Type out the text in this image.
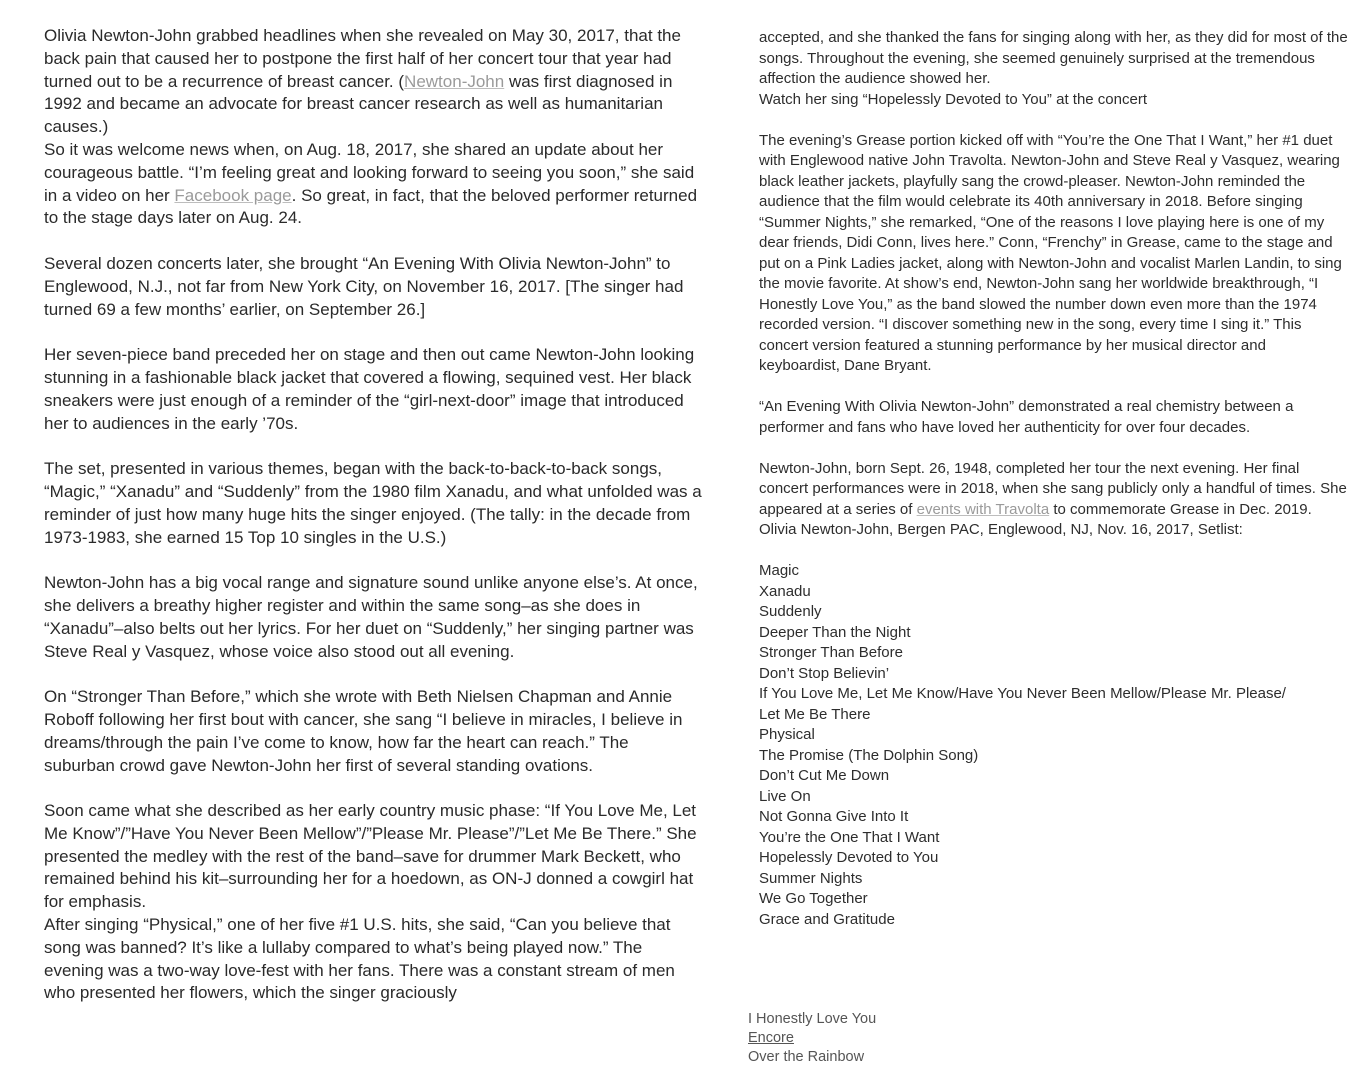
Olivia Newton-John grabbed headlines when she revealed on May 30, 2017, that the back pain that caused her to postpone the first half of her concert tour that year had turned out to be a recurrence of breast cancer. (Newton-John was first diagnosed in 1992 and became an advocate for breast cancer research as well as humanitarian causes.)

So it was welcome news when, on Aug. 18, 2017, she shared an update about her courageous battle. “I’m feeling great and looking forward to seeing you soon,” she said in a video on her Facebook page. So great, in fact, that the beloved performer returned to the stage days later on Aug. 24.

Several dozen concerts later, she brought “An Evening With Olivia Newton-John” to Englewood, N.J., not far from New York City, on November 16, 2017. [The singer had turned 69 a few months’ earlier, on September 26.]

Her seven-piece band preceded her on stage and then out came Newton-John looking stunning in a fashionable black jacket that covered a flowing, sequined vest. Her black sneakers were just enough of a reminder of the “girl-next-door” image that introduced her to audiences in the early ’70s.

The set, presented in various themes, began with the back-to-back-to-back songs, “Magic,” “Xanadu” and “Suddenly” from the 1980 film Xanadu, and what unfolded was a reminder of just how many huge hits the singer enjoyed. (The tally: in the decade from 1973-1983, she earned 15 Top 10 singles in the U.S.)

Newton-John has a big vocal range and signature sound unlike anyone else’s. At once, she delivers a breathy higher register and within the same song–as she does in “Xanadu”–also belts out her lyrics. For her duet on “Suddenly,” her singing partner was Steve Real y Vasquez, whose voice also stood out all evening.

On “Stronger Than Before,” which she wrote with Beth Nielsen Chapman and Annie Roboff following her first bout with cancer, she sang “I believe in miracles, I believe in dreams/through the pain I’ve come to know, how far the heart can reach.” The suburban crowd gave Newton-John her first of several standing ovations.

Soon came what she described as her early country music phase: “If You Love Me, Let Me Know”/”Have You Never Been Mellow”/”Please Mr. Please”/”Let Me Be There.” She presented the medley with the rest of the band–save for drummer Mark Beckett, who remained behind his kit–surrounding her for a hoedown, as ON-J donned a cowgirl hat for emphasis.

After singing “Physical,” one of her five #1 U.S. hits, she said, “Can you believe that song was banned? It’s like a lullaby compared to what’s being played now.” The evening was a two-way love-fest with her fans. There was a constant stream of men who presented her flowers, which the singer graciously

accepted, and she thanked the fans for singing along with her, as they did for most of the songs. Throughout the evening, she seemed genuinely surprised at the tremendous affection the audience showed her.

Watch her sing “Hopelessly Devoted to You” at the concert

The evening’s Grease portion kicked off with “You’re the One That I Want,” her #1 duet with Englewood native John Travolta. Newton-John and Steve Real y Vasquez, wearing black leather jackets, playfully sang the crowd-pleaser. Newton-John reminded the audience that the film would celebrate its 40th anniversary in 2018. Before singing “Summer Nights,” she remarked, “One of the reasons I love playing here is one of my dear friends, Didi Conn, lives here.” Conn, “Frenchy” in Grease, came to the stage and put on a Pink Ladies jacket, along with Newton-John and vocalist Marlen Landin, to sing the movie favorite. At show’s end, Newton-John sang her worldwide breakthrough, “I Honestly Love You,” as the band slowed the number down even more than the 1974 recorded version. “I discover something new in the song, every time I sing it.” This concert version featured a stunning performance by her musical director and keyboardist, Dane Bryant.

“An Evening With Olivia Newton-John” demonstrated a real chemistry between a performer and fans who have loved her authenticity for over four decades.

Newton-John, born Sept. 26, 1948, completed her tour the next evening. Her final concert performances were in 2018, when she sang publicly only a handful of times. She appeared at a series of events with Travolta to commemorate Grease in Dec. 2019.

Olivia Newton-John, Bergen PAC, Englewood, NJ, Nov. 16, 2017, Setlist:

Magic
Xanadu
Suddenly
Deeper Than the Night
Stronger Than Before
Don’t Stop Believin’
If You Love Me, Let Me Know/Have You Never Been Mellow/Please Mr. Please/
Let Me Be There
Physical
The Promise (The Dolphin Song)
Don’t Cut Me Down
Live On
Not Gonna Give Into It
You’re the One That I Want
Hopelessly Devoted to You
Summer Nights
We Go Together
Grace and Gratitude
I Honestly Love You
Encore
Over the Rainbow
